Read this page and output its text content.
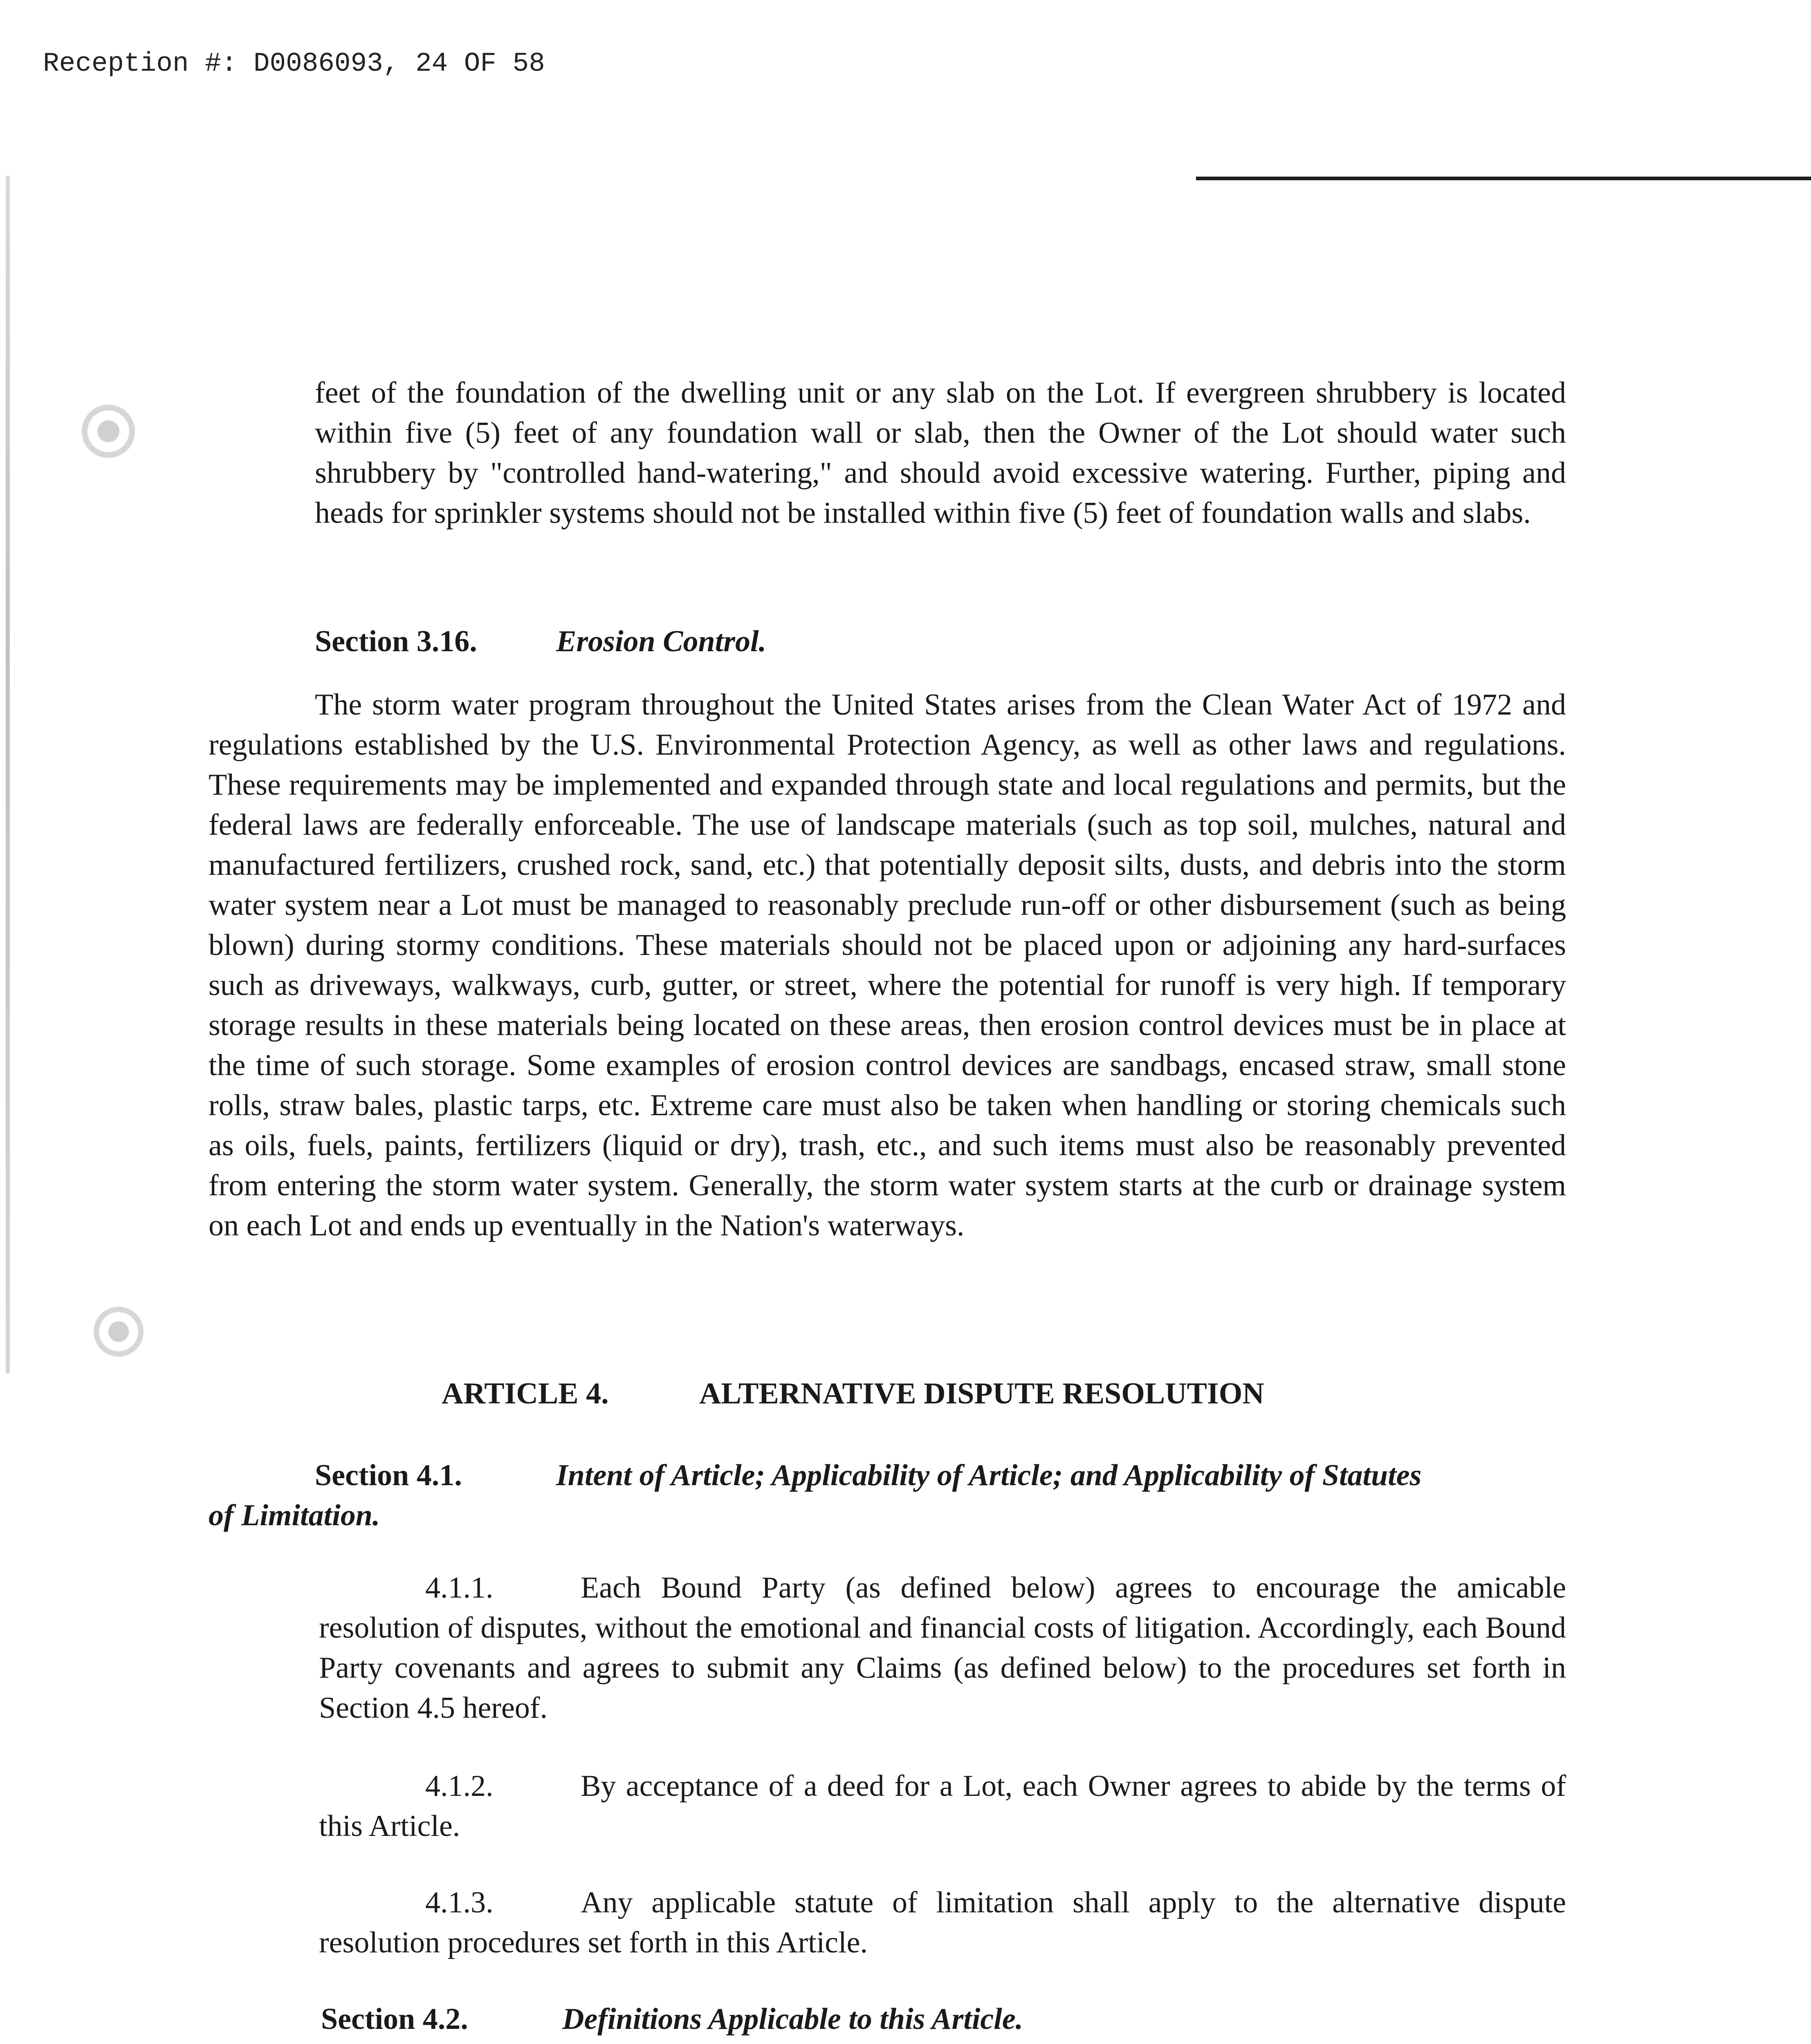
Reception #: D0086093, 24 OF 58

feet of the foundation of the dwelling unit or any slab on the Lot. If evergreen shrubbery is located within five (5) feet of any foundation wall or slab, then the Owner of the Lot should water such shrubbery by "controlled hand-watering," and should avoid excessive watering. Further, piping and heads for sprinkler systems should not be installed within five (5) feet of foundation walls and slabs.

Section 3.16.	Erosion Control.

The storm water program throughout the United States arises from the Clean Water Act of 1972 and regulations established by the U.S. Environmental Protection Agency, as well as other laws and regulations. These requirements may be implemented and expanded through state and local regulations and permits, but the federal laws are federally enforceable. The use of landscape materials (such as top soil, mulches, natural and manufactured fertilizers, crushed rock, sand, etc.) that potentially deposit silts, dusts, and debris into the storm water system near a Lot must be managed to reasonably preclude run-off or other disbursement (such as being blown) during stormy conditions. These materials should not be placed upon or adjoining any hard-surfaces such as driveways, walkways, curb, gutter, or street, where the potential for runoff is very high. If temporary storage results in these materials being located on these areas, then erosion control devices must be in place at the time of such storage. Some examples of erosion control devices are sandbags, encased straw, small stone rolls, straw bales, plastic tarps, etc. Extreme care must also be taken when handling or storing chemicals such as oils, fuels, paints, fertilizers (liquid or dry), trash, etc., and such items must also be reasonably prevented from entering the storm water system. Generally, the storm water system starts at the curb or drainage system on each Lot and ends up eventually in the Nation's waterways.

ARTICLE 4.	ALTERNATIVE DISPUTE RESOLUTION
Section 4.1.	Intent of Article; Applicability of Article; and Applicability of Statutes
of Limitation.

4.1.1.	Each Bound Party (as defined below) agrees to encourage the amicable resolution of disputes, without the emotional and financial costs of litigation. Accordingly, each Bound Party covenants and agrees to submit any Claims (as defined below) to the procedures set forth in Section 4.5 hereof.

4.1.2.	By acceptance of a deed for a Lot, each Owner agrees to abide by the terms of this Article.

4.1.3.	Any applicable statute of limitation shall apply to the alternative dispute resolution procedures set forth in this Article.

Section 4.2.	Definitions Applicable to this Article.
